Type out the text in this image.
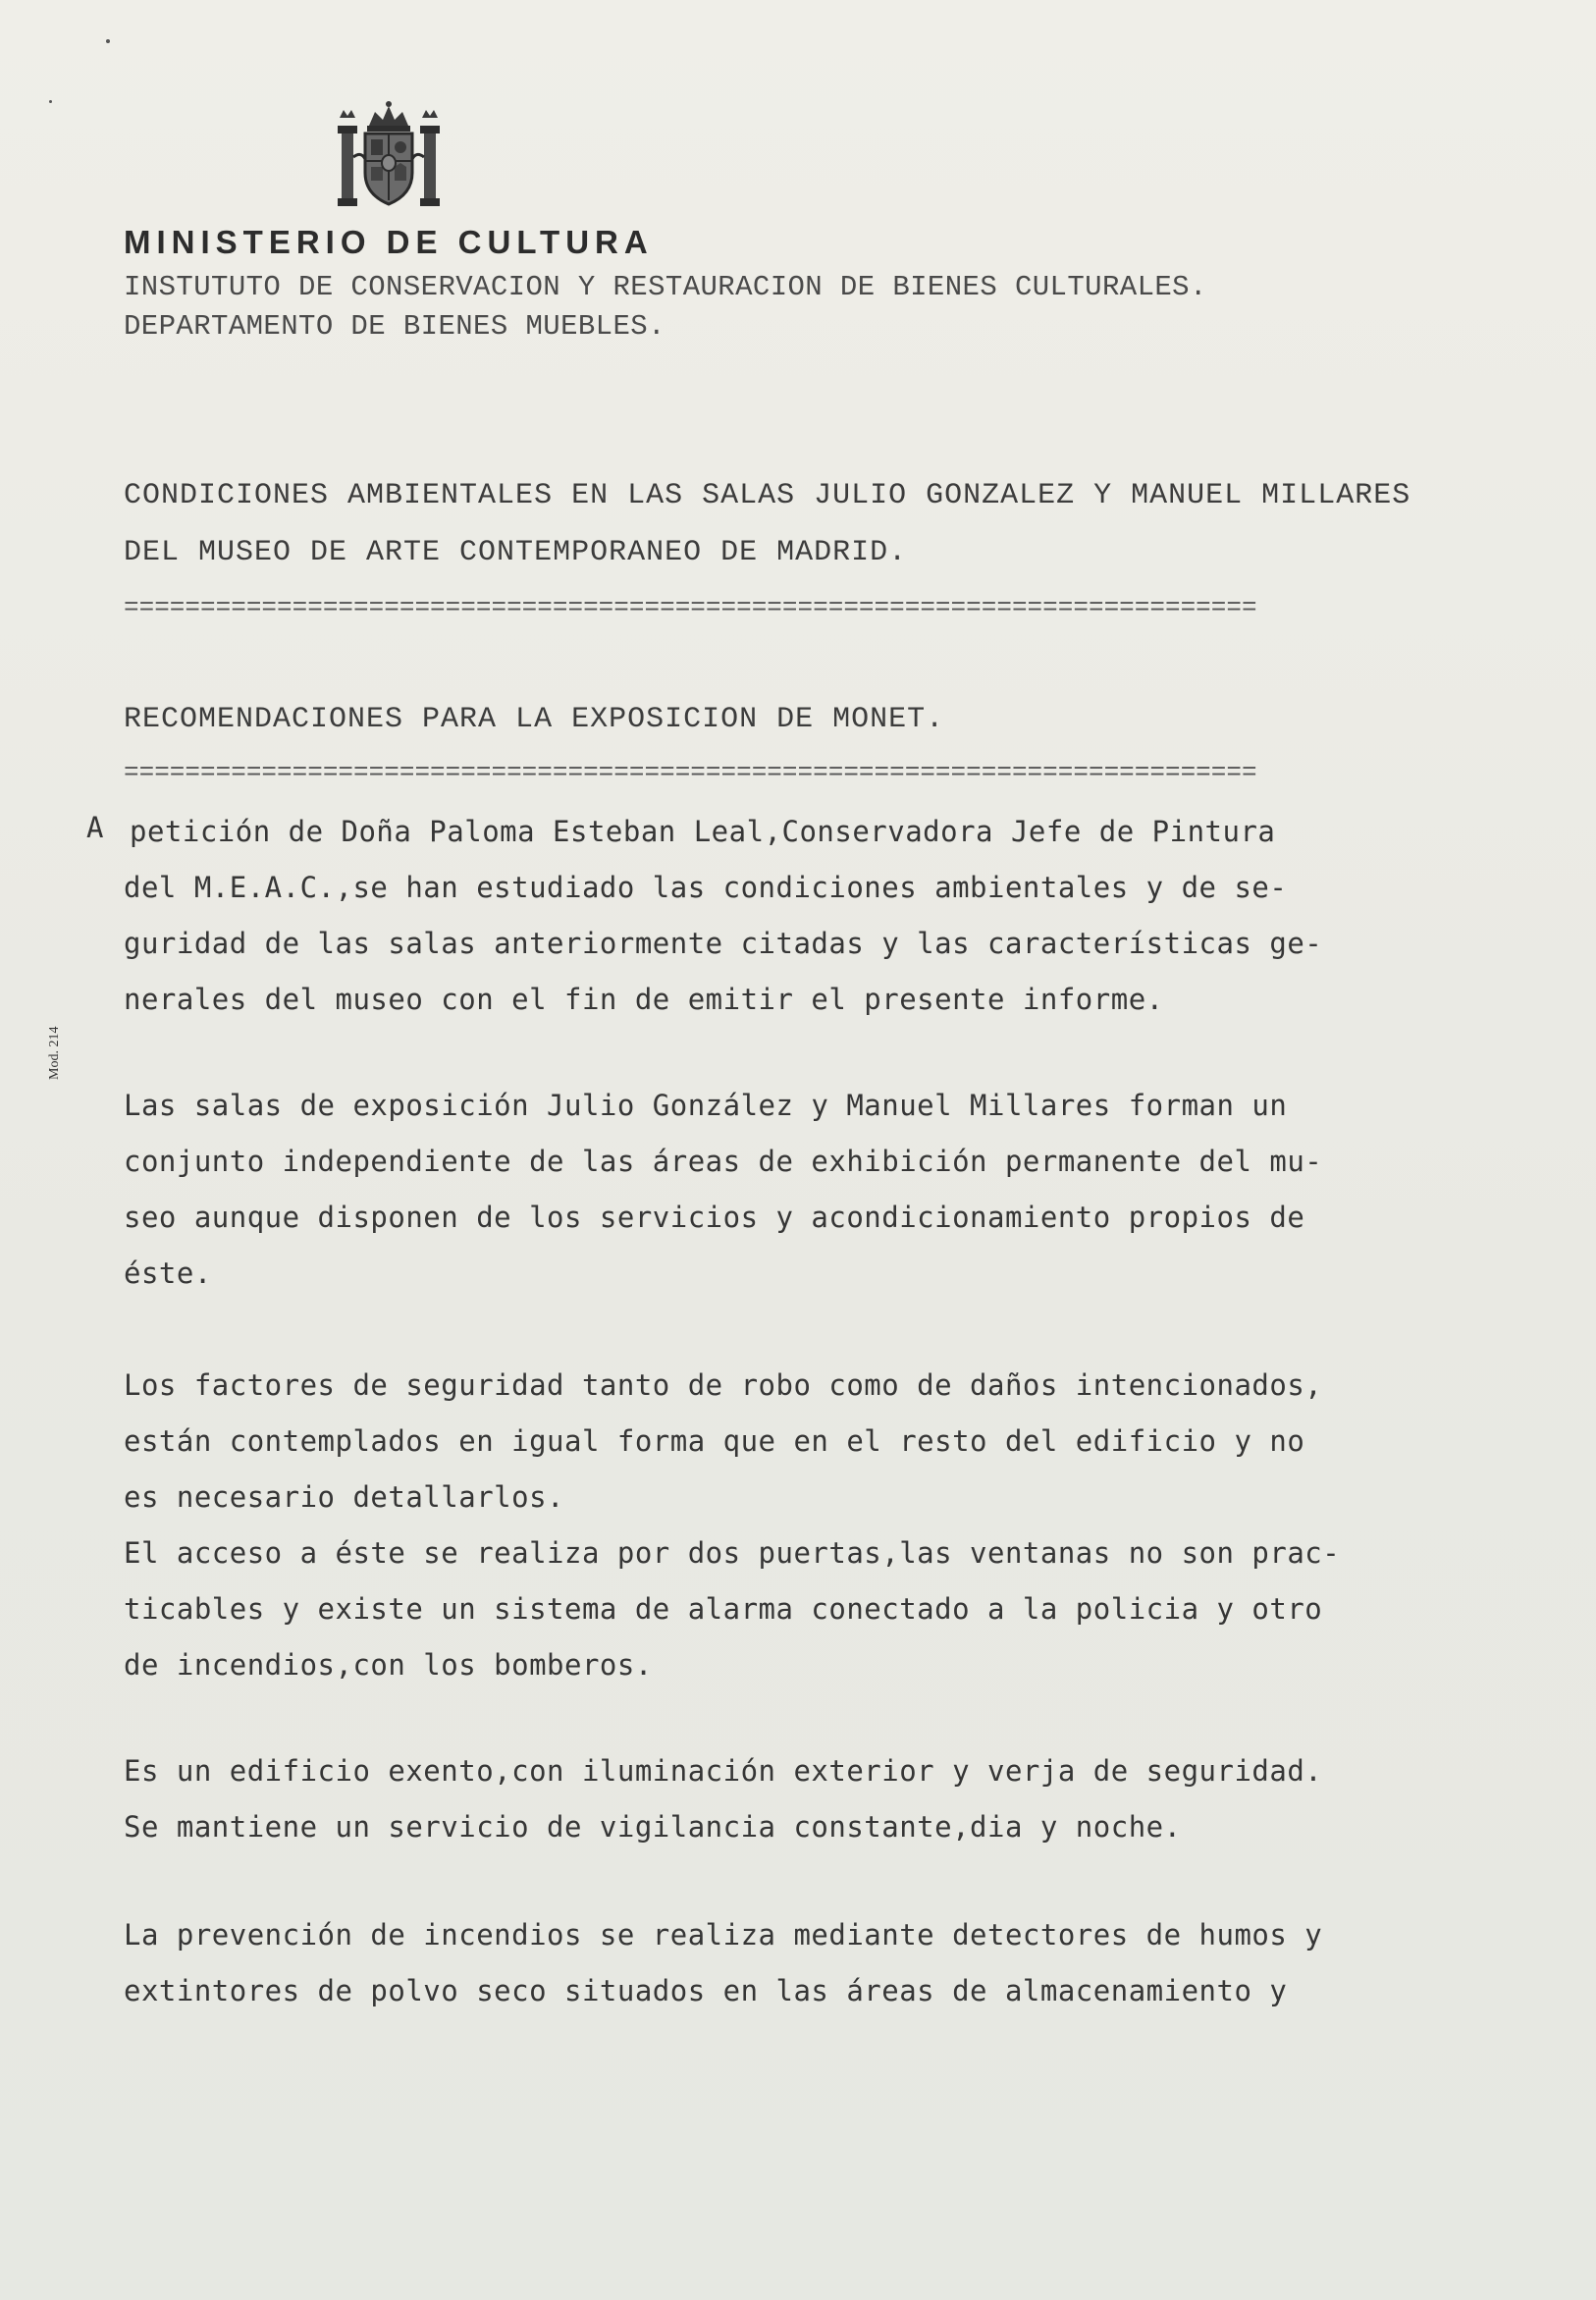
MINISTERIO DE CULTURA
INSTUTUTO DE CONSERVACION Y RESTAURACION DE BIENES CULTURALES.
DEPARTAMENTO DE BIENES MUEBLES.
CONDICIONES AMBIENTALES EN LAS SALAS JULIO GONZALEZ Y MANUEL MILLARES
DEL MUSEO DE ARTE CONTEMPORANEO DE MADRID.
==========================================================================
RECOMENDACIONES PARA LA EXPOSICION DE MONET.
==========================================================================
A
Mod. 214
petición de Doña Paloma Esteban Leal,Conservadora Jefe de Pintura
del M.E.A.C.,se han estudiado las condiciones ambientales y de se-
guridad de las salas anteriormente citadas y las características ge-
nerales del museo con el fin de emitir el presente informe.
Las salas de exposición Julio González y Manuel Millares forman un
conjunto independiente de las áreas de exhibición permanente del mu-
seo aunque disponen de los servicios y acondicionamiento propios de
éste.
Los factores de seguridad tanto de robo como de daños intencionados,
están contemplados en igual forma que en el resto del edificio y no
es necesario detallarlos.
El acceso a éste se realiza por dos puertas,las ventanas no son prac-
ticables y existe un sistema de alarma conectado a la policia y otro
de incendios,con los bomberos.
Es un edificio exento,con iluminación exterior y verja de seguridad.
Se mantiene un servicio de vigilancia constante,dia y noche.
La prevención de incendios se realiza mediante detectores de humos y
extintores de polvo seco situados en las áreas de almacenamiento y
